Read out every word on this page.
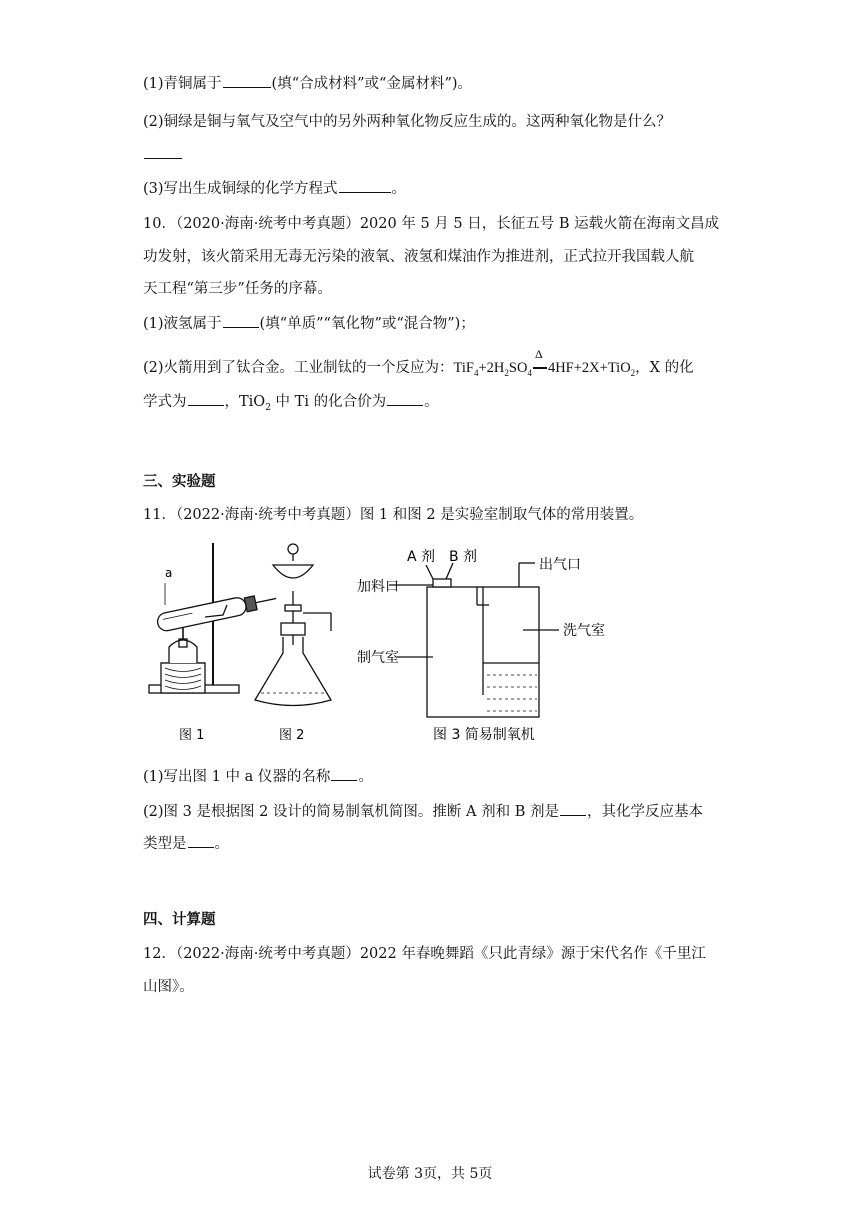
(1)青铜属于	(填“合成材料”或“金属材料”)。
(2)铜绿是铜与氧气及空气中的另外两种氧化物反应生成的。这两种氧化物是什么？
(3)写出生成铜绿的化学方程式	。
10．（2020·海南·统考中考真题）2020 年 5 月 5 日，长征五号 B 运载火箭在海南文昌成
功发射，该火箭采用无毒无污染的液氧、液氢和煤油作为推进剂，正式拉开我国载人航
天工程“第三步”任务的序幕。
(1)液氢属于	(填“单质”“氧化物”或“混合物”)；
(2)火箭用到了钛合金。工业制钛的一个反应为：$TiF_4+2H_2SO_4$
Δ
4HF+2X+TiO$_2$，X 的化
学式为	，TiO$_2$ 中 Ti 的化合价为	。
三、实验题
11．（2022·海南·统考中考真题）图 1 和图 2 是实验室制取气体的常用装置。
a
图 1	图 2
A 剂 B 剂
加料口
出气口
洗气室
制气室
图 3 简易制氧机
(1)写出图 1 中 a 仪器的名称 。
(2)图 3 是根据图 2 设计的简易制氧机简图。推断 A 剂和 B 剂是 ，其化学反应基本
类型是 。
四、计算题
12．（2022·海南·统考中考真题）2022 年春晚舞蹈《只此青绿》源于宋代名作《千里江
山图》。
试卷第 3页，共 5页
